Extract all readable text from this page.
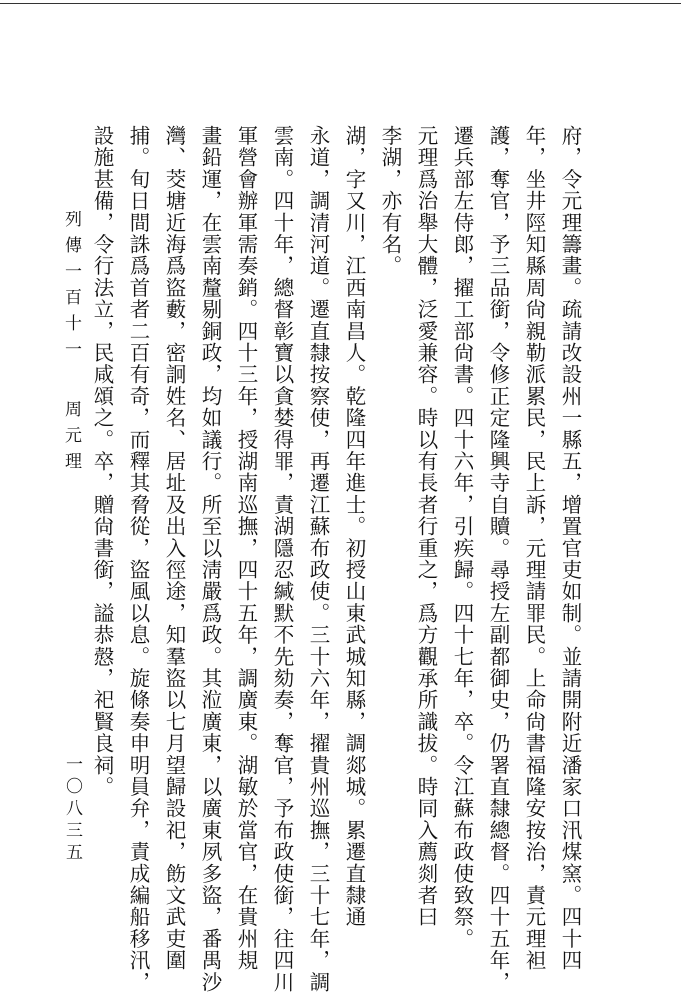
府，令元理籌畫。疏請改設州一縣五，增置官吏如制。並請開附近潘家口汛煤窯。四十四
年，坐井陘知縣周尙親勒派累民，民上訴，元理請罪民。上命尙書福隆安按治，責元理袒
護，奪官，予三品銜，令修正定隆興寺自贖。尋授左副都御史，仍署直隸總督。四十五年，
遷兵部左侍郎，擢工部尙書。四十六年，引疾歸。四十七年，卒。令江蘇布政使致祭。
元理爲治舉大體，泛愛兼容。時以有長者行重之，爲方觀承所識拔。時同入薦剡者曰
李湖，亦有名。
湖，字又川，江西南昌人。乾隆四年進士。初授山東武城知縣，調郯城。累遷直隸通
永道，調清河道。遷直隸按察使，再遷江蘇布政使。三十六年，擢貴州巡撫，三十七年，調
雲南。四十年，總督彰寶以貪婪得罪，責湖隱忍緘默不先劾奏，奪官，予布政使銜，往四川
軍營會辦軍需奏銷。四十三年，授湖南巡撫，四十五年，調廣東。湖敏於當官，在貴州規
畫鉛運，在雲南釐剔銅政，均如議行。所至以淸嚴爲政。其涖廣東，以廣東夙多盜，番禺沙
灣、茭塘近海爲盜藪，密詗姓名、居址及出入徑途，知羣盜以七月望歸設祀，飭文武吏圍
捕。旬日間誅爲首者二百有奇，而釋其脅從，盜風以息。旋條奏申明員弁，責成編船移汛，
設施甚備，令行法立，民咸頌之。卒，贈尙書銜，謚恭慤，祀賢良祠。
列傳一百十一周元理
一〇八三五
